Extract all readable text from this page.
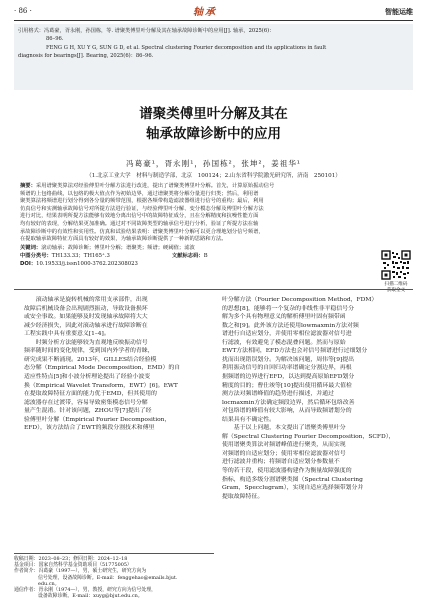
· 86 ·	轴承	智能运维
引用格式：冯葛豪，胥永刚，孙国栋，等. 谱聚类傅里叶分解及其在轴承故障诊断中的应用[J]. 轴承，2025(6)：
86–96.
FENG G H, XU Y G, SUN G D, et al. Spectral clustering Fourier decomposition and its applications in fault
diagnosis for bearings[J]. Bearing, 2025(6)：86–96.
谱聚类傅里叶分解及其在
轴承故障诊断中的应用
冯葛豪¹，胥永刚¹，孙国栋²，张坤²，姜祖华¹
（1.北京工业大学　材料与制造学部，北京　100124；2.山东省科学院激光研究所，济南　250101）
摘要：采用谱聚类算法对经验傅里叶分解方法进行改进，提出了谱聚类傅里叶分解。首先，计算原始振动信号
频谱的上包络曲线，以包络的极大值点作为初始边界，通过谱聚类将分解分量进行归类；然后，利用谱
聚类算法将频谱进行划分得到各分量的频带范围，根据各频带构造滤波器组进行信号的重构；最后，利用
仿真信号和实测轴承故障信号对所提方法进行验证，与经验傅里叶分解、变分模态分解及傅里叶分解方法
进行对比，结果表明所提方法能够有效地分离出信号中的故障特征成分，且在分解精度和抗噪性能方面
均有较好的表现，分解结果更加准确。通过对不同故障类型的轴承信号进行分析，验证了所提方法在轴
承故障诊断中的有效性和实用性。仿真和试验结果表明：谱聚类傅里叶分解可以更合理地划分信号频谱，
在提取轴承故障特征方面具有较好的效果，为轴承故障诊断提供了一种新的思路和方法。
关键词：滚动轴承；故障诊断；傅里叶分解；谱聚类；频谱；硬阈值；滤波
中图分类号：TH133.33；TH165⁺.3	文献标志码：B
DOI：10.19533/j.issn1000-3762.202308023
扫描二维码
获取全文
　　滚动轴承是旋转机械的常用支承部件，出现
故障后机械设备会出现剧烈振动，导致设备损坏
或安全事故。如果能够及时发现轴承故障将大大
减少经济损失，因此对滚动轴承进行故障诊断在
工程实践中具有重要意义[1–4]。
　　时频分析方法能够较为直观地反映振动信号
频率随时间的变化规律，受到国内外学者的青睐，
研究成果不断涌现。2013年，GILLES结合经验模
态分解（Empirical Mode Decomposition，EMD）的自
适应性特点[5]和小波分析理论提出了经验小波变
换（Empirical Wavelet Transform，EWT）[6]。EWT
在提取故障特征方面的能力优于EMD，但其使用的
滤波器存在过渡带，容易导致密集模态信号分解
量产生混淆。针对该问题，ZHOU等[7]提出了经
验傅里叶分解（Empirical Fourier Decomposition，
EFD），该方法结合了EWT的频段分割技术和傅里
叶分解方法（Fourier Decomposition Method，FDM）
的思想[8]，能够将一个复杂的非线性非平稳信号分
解为多个具有物理意义的解析傅里叶固有频带函
数之和[9]。此外该方法还使用lowmaxmin方法对频
谱进行自适应划分，并使用零相位滤波器对信号进
行滤波，有效避免了模态混叠问题。然而与原始
EWT方法相同，EFD方法也会对信号频谱进行过细划分
扰而出现错误划分。为解决该问题，周伟等[9]提出
利用振动信号的自回归功率谱确定分割边界，再根
据频谱的边界进行EFD，以达到提高原始EFD划分
精度的目的；曹仕竣等[10]提出使用循环最大值检
测方法对频谱峰值的趋势进行描述，并通过
locmaxmin方法确定频段边界，然后循环包络改善
对包络谱的峰值有较大影响，从而导致频谱划分的
结果具有不确定性。
　　基于以上问题，本文提出了谱聚类傅里叶分
解（Spectral Clustering Fourier Decomposition，SCFD），
使用谱聚类算法对频谱峰值进行聚类，从而实现
对频谱的自适应划分；使用零相位滤波器对信号
进行滤波并重构；将频谱自适应划分参数量不
等的若干段，使用滤波器构建作为衡量故障强度的
指标，构造多级分割谱聚类图（Spectral Clustering
Gram，Specclugram），实现自适应选择频带划分并
提取故障特征。
收稿日期：2023–08–23；修回日期：2024–12–18
基金项目：国家自然科学基金资助项目（51775005）
作者简介：冯葛豪（1997—），男，硕士研究生，研究方向为
信号处理，设备故障诊断。E-mail：fenggehao@emails.bjut.
edu.cn。
通信作者：胥永刚（1974—），男，教授，研究方向为信号处理，
设备故障诊断。E-mail：xuyg@bjut.edu.cn。
